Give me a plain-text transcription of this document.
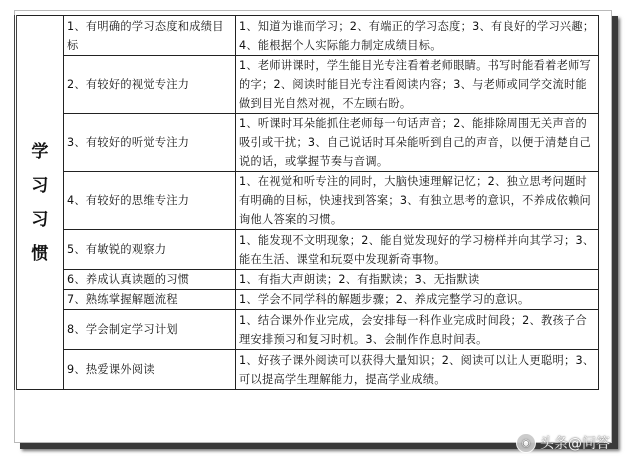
学
习
习
惯	1、有明确的学习态度和成绩目标	1、知道为谁而学习；2、有端正的学习态度；3、有良好的学习兴趣；4、能根据个人实际能力制定成绩目标。
	2、有较好的视觉专注力	1、老师讲课时，学生能目光专注看着老师眼睛。书写时能看着老师写的字；2、阅读时能目光专注看阅读内容；3、与老师或同学交流时能做到目光自然对视，不左顾右盼。
	3、有较好的听觉专注力	1、听课时耳朵能抓住老师每一句话声音；2、能排除周围无关声音的吸引或干扰；3、自己说话时耳朵能听到自己的声音，以便于清楚自己说的话，或掌握节奏与音调。
	4、有较好的思维专注力	1、在视觉和听专注的同时，大脑快速理解记忆；2、独立思考问题时有明确的目标，快速找到答案；3、有独立思考的意识，不养成依赖问询他人答案的习惯。
	5、有敏锐的观察力	1、能发现不文明现象；2、能自觉发现好的学习榜样并向其学习；3、能在生活、课堂和玩耍中发现新奇事物。
	6、养成认真读题的习惯	1、有指大声朗读；2、有指默读；3、无指默读
	7、熟练掌握解题流程	1、学会不同学科的解题步骤；2、养成完整学习的意识。
	8、学会制定学习计划	1、结合课外作业完成，会安排每一科作业完成时间段；2、教孩子合理安排预习和复习时机。3、会制作作息时间表。
	9、热爱课外阅读	1、好孩子课外阅读可以获得大量知识；2、阅读可以让人更聪明；3、可以提高学生理解能力，提高学业成绩。
◉ 头条@问答
